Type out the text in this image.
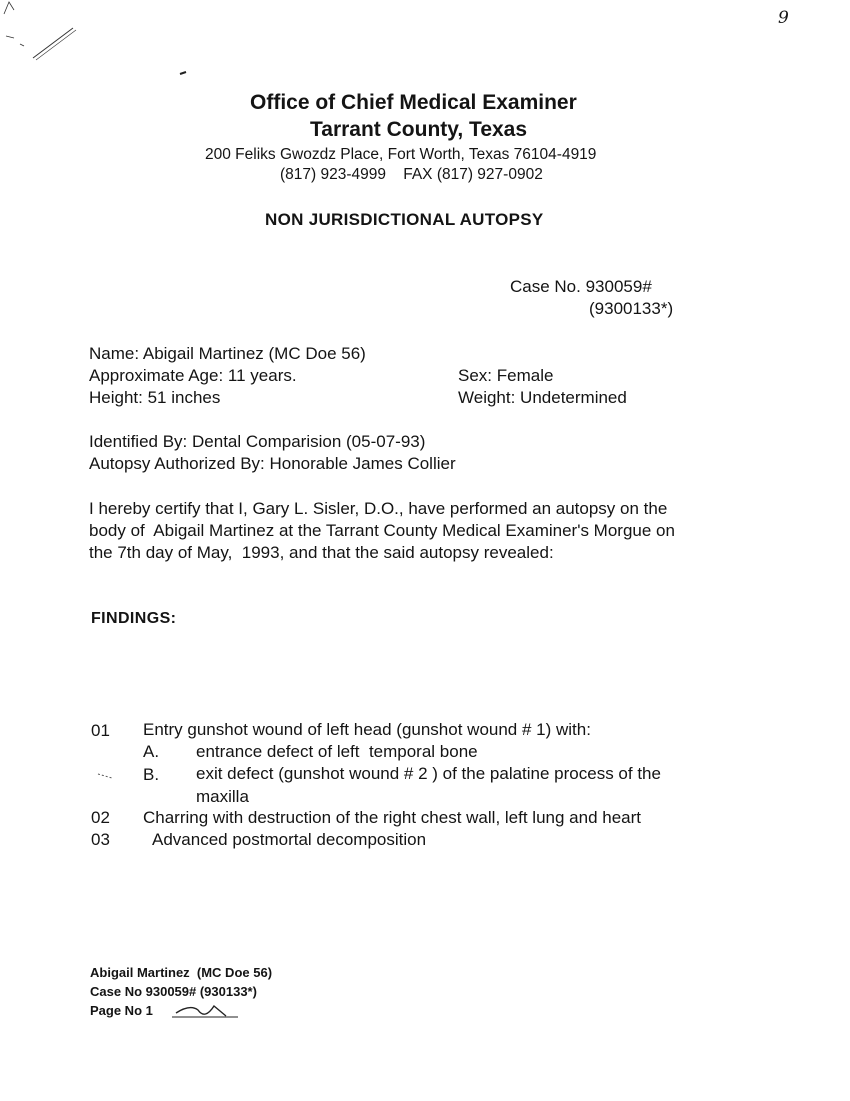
9
Office of Chief Medical Examiner
Tarrant County, Texas
200 Feliks Gwozdz Place, Fort Worth, Texas 76104-4919
(817) 923-4999    FAX (817) 927-0902
NON JURISDICTIONAL AUTOPSY
Case No. 930059#
(9300133*)
Name: Abigail Martinez (MC Doe 56)
Approximate Age: 11 years.
Height: 51 inches
Sex: Female
Weight: Undetermined
Identified By: Dental Comparision (05-07-93)
Autopsy Authorized By: Honorable James Collier
I hereby certify that I, Gary L. Sisler, D.O., have performed an autopsy on the
body of  Abigail Martinez at the Tarrant County Medical Examiner's Morgue on
the 7th day of May,  1993, and that the said autopsy revealed:
FINDINGS:
01 Entry gunshot wound of left head (gunshot wound # 1) with:
A. entrance defect of left  temporal bone
B. exit defect (gunshot wound # 2 ) of the palatine process of the
maxilla
02 Charring with destruction of the right chest wall, left lung and heart
03 Advanced postmortal decomposition
Abigail Martinez  (MC Doe 56)
Case No 930059# (930133*)
Page No 1
